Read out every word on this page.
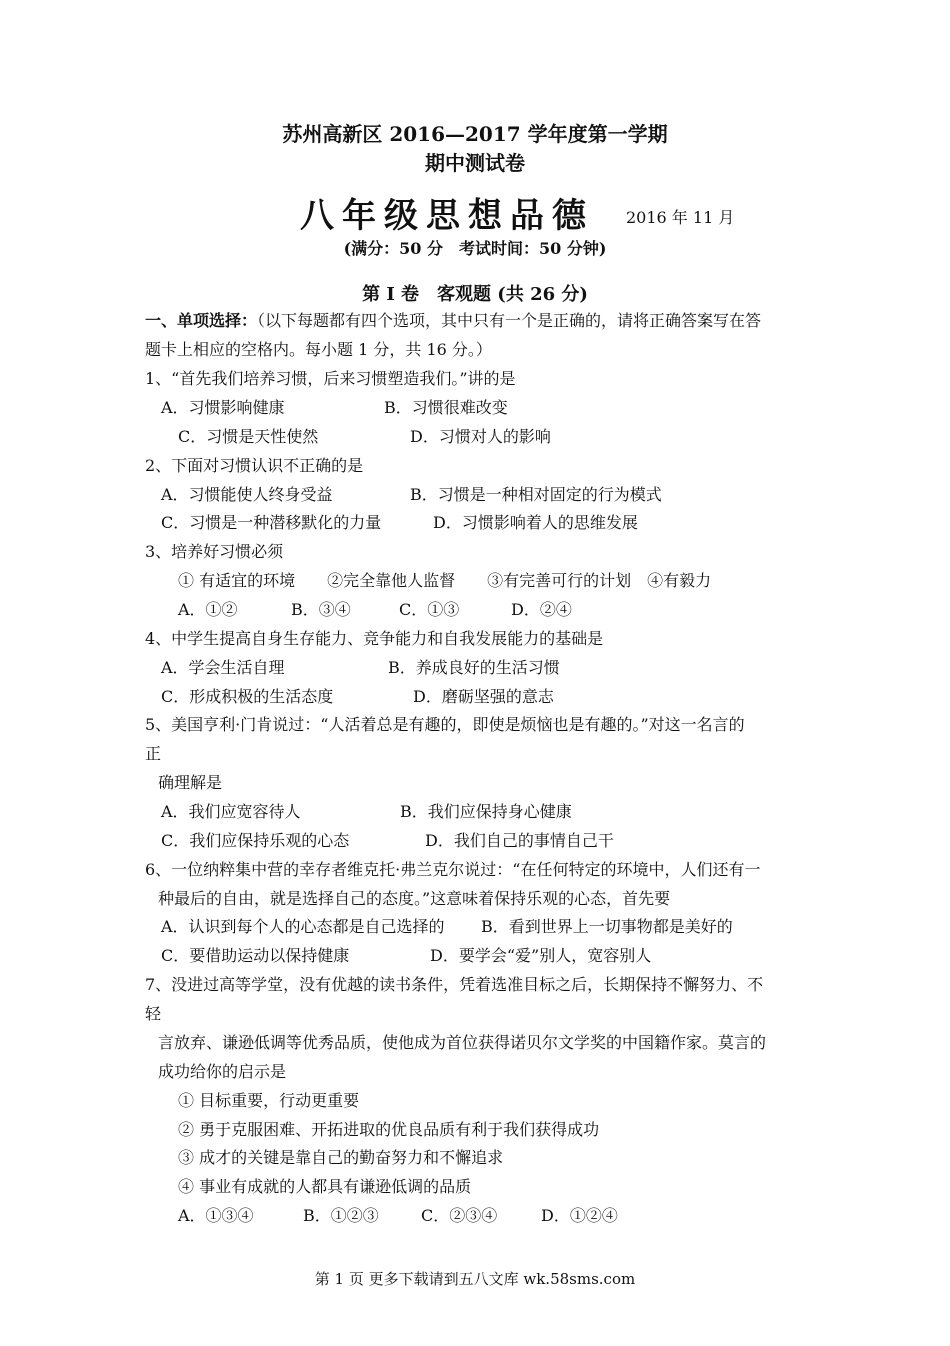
苏州高新区 2016—2017 学年度第一学期
期中测试卷
八年级思想品德 2016 年 11 月
(满分：50 分　考试时间：50 分钟)
第 I 卷　客观题 (共 26 分)
一、单项选择：（以下每题都有四个选项，其中只有一个是正确的，请将正确答案写在答
题卡上相应的空格内。每小题 1 分，共 16 分。）
1、“首先我们培养习惯，后来习惯塑造我们。”讲的是
A．习惯影响健康	B．习惯很难改变
C．习惯是天性使然	D．习惯对人的影响
2、下面对习惯认识不正确的是
A．习惯能使人终身受益	B．习惯是一种相对固定的行为模式
C．习惯是一种潜移默化的力量	D．习惯影响着人的思维发展
3、培养好习惯必须
① 有适宜的环境　　②完全靠他人监督　　③有完善可行的计划　④有毅力
A．①②	B．③④	C．①③	D．②④
4、中学生提高自身生存能力、竞争能力和自我发展能力的基础是
A．学会生活自理	B．养成良好的生活习惯
C．形成积极的生活态度	D．磨砺坚强的意志
5、美国亨利·门肯说过：“人活着总是有趣的，即使是烦恼也是有趣的。”对这一名言的
正
确理解是
A．我们应宽容待人	B．我们应保持身心健康
C．我们应保持乐观的心态	D．我们自己的事情自己干
6、一位纳粹集中营的幸存者维克托·弗兰克尔说过：“在任何特定的环境中，人们还有一
种最后的自由，就是选择自己的态度。”这意味着保持乐观的心态，首先要
A．认识到每个人的心态都是自己选择的 B．看到世界上一切事物都是美好的
C．要借助运动以保持健康	D．要学会“爱”别人，宽容别人
7、没进过高等学堂，没有优越的读书条件，凭着选准目标之后，长期保持不懈努力、不
轻
言放弃、谦逊低调等优秀品质，使他成为首位获得诺贝尔文学奖的中国籍作家。莫言的
成功给你的启示是
① 目标重要，行动更重要
② 勇于克服困难、开拓进取的优良品质有利于我们获得成功
③ 成才的关键是靠自己的勤奋努力和不懈追求
④ 事业有成就的人都具有谦逊低调的品质
A．①③④	B．①②③	C．②③④	D．①②④
第 1 页 更多下载请到五八文库 wk.58sms.com
